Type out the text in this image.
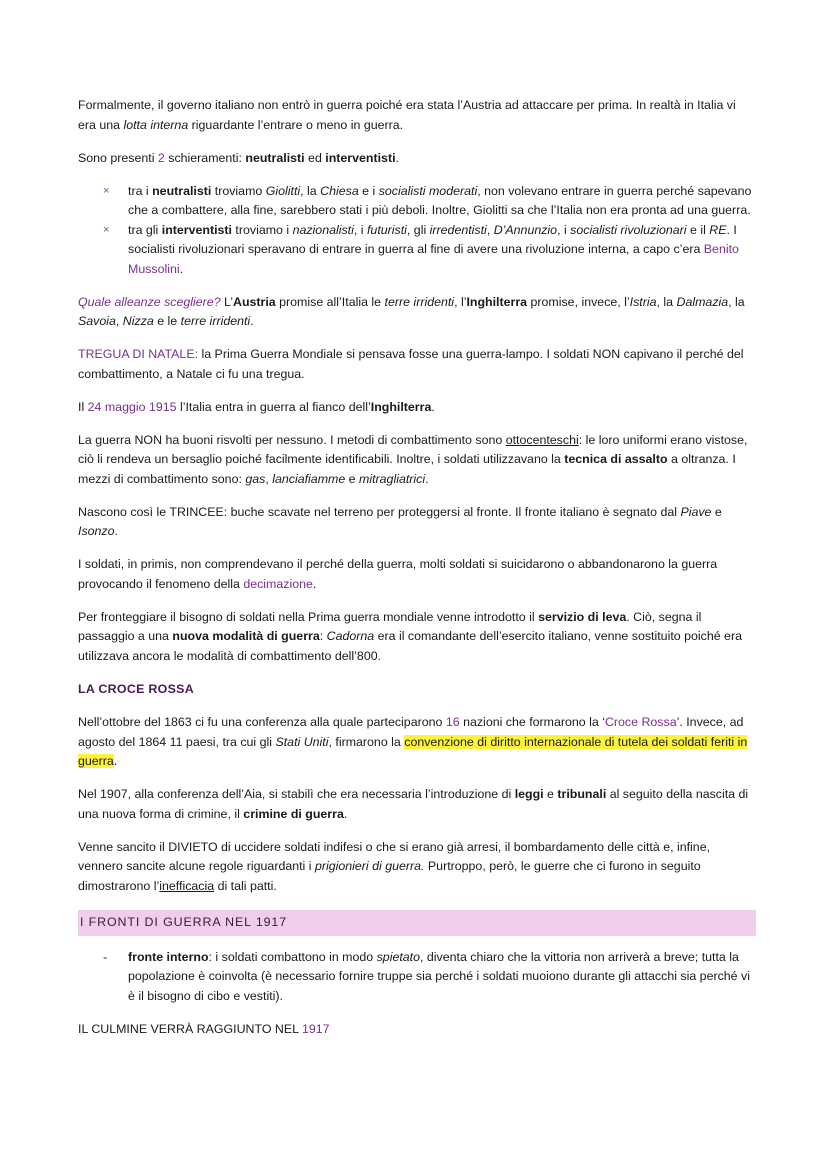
Formalmente, il governo italiano non entrò in guerra poiché era stata l’Austria ad attaccare per prima. In realtà in Italia vi era una lotta interna riguardante l’entrare o meno in guerra.

Sono presenti 2 schieramenti: neutralisti ed interventisti.

× tra i neutralisti troviamo Giolitti, la Chiesa e i socialisti moderati, non volevano entrare in guerra perché sapevano che a combattere, alla fine, sarebbero stati i più deboli. Inoltre, Giolitti sa che l’Italia non era pronta ad una guerra.
× tra gli interventisti troviamo i nazionalisti, i futuristi, gli irredentisti, D’Annunzio, i socialisti rivoluzionari e il RE. I socialisti rivoluzionari speravano di entrare in guerra al fine di avere una rivoluzione interna, a capo c’era Benito Mussolini.

Quale alleanze scegliere? L’Austria promise all’Italia le terre irridenti, l’Inghilterra promise, invece, l’Istria, la Dalmazia, la Savoia, Nizza e le terre irridenti.

TREGUA DI NATALE: la Prima Guerra Mondiale si pensava fosse una guerra-lampo. I soldati NON capivano il perché del combattimento, a Natale ci fu una tregua.

Il 24 maggio 1915 l’Italia entra in guerra al fianco dell’Inghilterra.

La guerra NON ha buoni risvolti per nessuno. I metodi di combattimento sono ottocenteschi: le loro uniformi erano vistose, ciò li rendeva un bersaglio poiché facilmente identificabili. Inoltre, i soldati utilizzavano la tecnica di assalto a oltranza. I mezzi di combattimento sono: gas, lanciafiamme e mitragliatrici.

Nascono così le TRINCEE: buche scavate nel terreno per proteggersi al fronte. Il fronte italiano è segnato dal Piave e Isonzo.

I soldati, in primis, non comprendevano il perché della guerra, molti soldati si suicidarono o abbandonarono la guerra provocando il fenomeno della decimazione.

Per fronteggiare il bisogno di soldati nella Prima guerra mondiale venne introdotto il servizio di leva. Ciò, segna il passaggio a una nuova modalità di guerra: Cadorna era il comandante dell’esercito italiano, venne sostituito poiché era utilizzava ancora le modalità di combattimento dell’800.

LA CROCE ROSSA

Nell’ottobre del 1863 ci fu una conferenza alla quale parteciparono 16 nazioni che formarono la ‘Croce Rossa’. Invece, ad agosto del 1864 11 paesi, tra cui gli Stati Uniti, firmarono la convenzione di diritto internazionale di tutela dei soldati feriti in guerra.

Nel 1907, alla conferenza dell’Aia, si stabilì che era necessaria l’introduzione di leggi e tribunali al seguito della nascita di una nuova forma di crimine, il crimine di guerra.

Venne sancito il DIVIETO di uccidere soldati indifesi o che si erano già arresi, il bombardamento delle città e, infine, vennero sancite alcune regole riguardanti i prigionieri di guerra. Purtroppo, però, le guerre che ci furono in seguito dimostrarono l’inefficacia di tali patti.

I FRONTI DI GUERRA NEL 1917
- fronte interno: i soldati combattono in modo spietato, diventa chiaro che la vittoria non arriverà a breve; tutta la popolazione è coinvolta (è necessario fornire truppe sia perché i soldati muoiono durante gli attacchi sia perché vi è il bisogno di cibo e vestiti).

IL CULMINE VERRÀ RAGGIUNTO NEL 1917
